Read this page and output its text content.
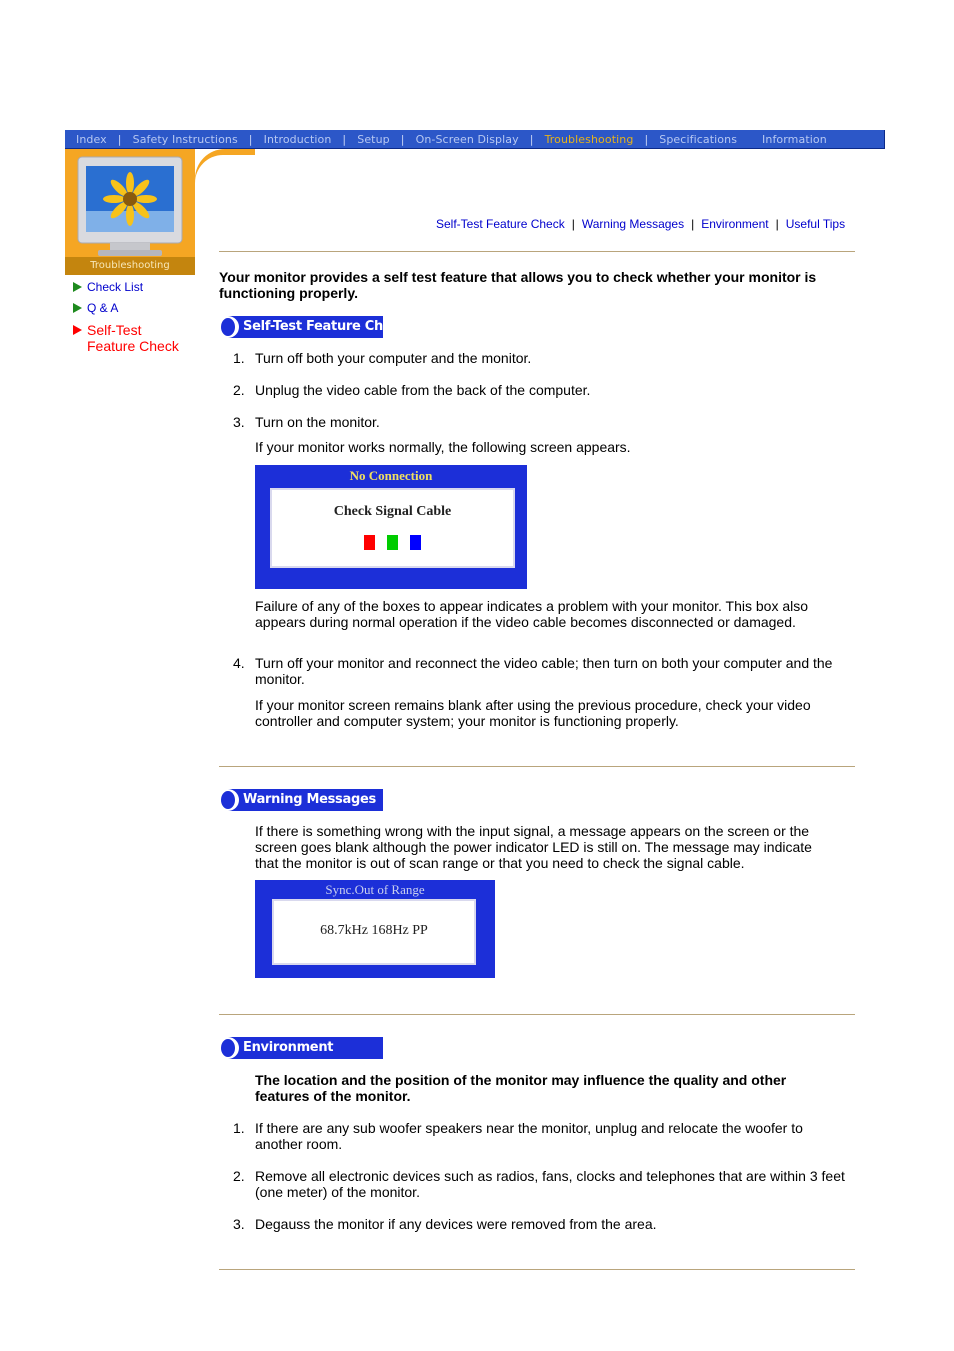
Index	|	Safety Instructions	|	Introduction	|	Setup	|	On-Screen Display	|	Troubleshooting	|	Specifications	Information
Troubleshooting
Check List
Q & A
Self-Test Feature Check
Self-Test Feature Check | Warning Messages | Environment | Useful Tips
Your monitor provides a self test feature that allows you to check whether your monitor is functioning properly.
Self-Test Feature Check
1. Turn off both your computer and the monitor.
2. Unplug the video cable from the back of the computer.
3. Turn on the monitor.
If your monitor works normally, the following screen appears.
No Connection
Check Signal Cable
Failure of any of the boxes to appear indicates a problem with your monitor. This box also appears during normal operation if the video cable becomes disconnected or damaged.
4. Turn off your monitor and reconnect the video cable; then turn on both your computer and the monitor.
If your monitor screen remains blank after using the previous procedure, check your video controller and computer system; your monitor is functioning properly.
Warning Messages
If there is something wrong with the input signal, a message appears on the screen or the screen goes blank although the power indicator LED is still on. The message may indicate that the monitor is out of scan range or that you need to check the signal cable.
Sync.Out of Range
68.7kHz 168Hz PP
Environment
The location and the position of the monitor may influence the quality and other features of the monitor.
1. If there are any sub woofer speakers near the monitor, unplug and relocate the woofer to another room.
2. Remove all electronic devices such as radios, fans, clocks and telephones that are within 3 feet (one meter) of the monitor.
3. Degauss the monitor if any devices were removed from the area.
